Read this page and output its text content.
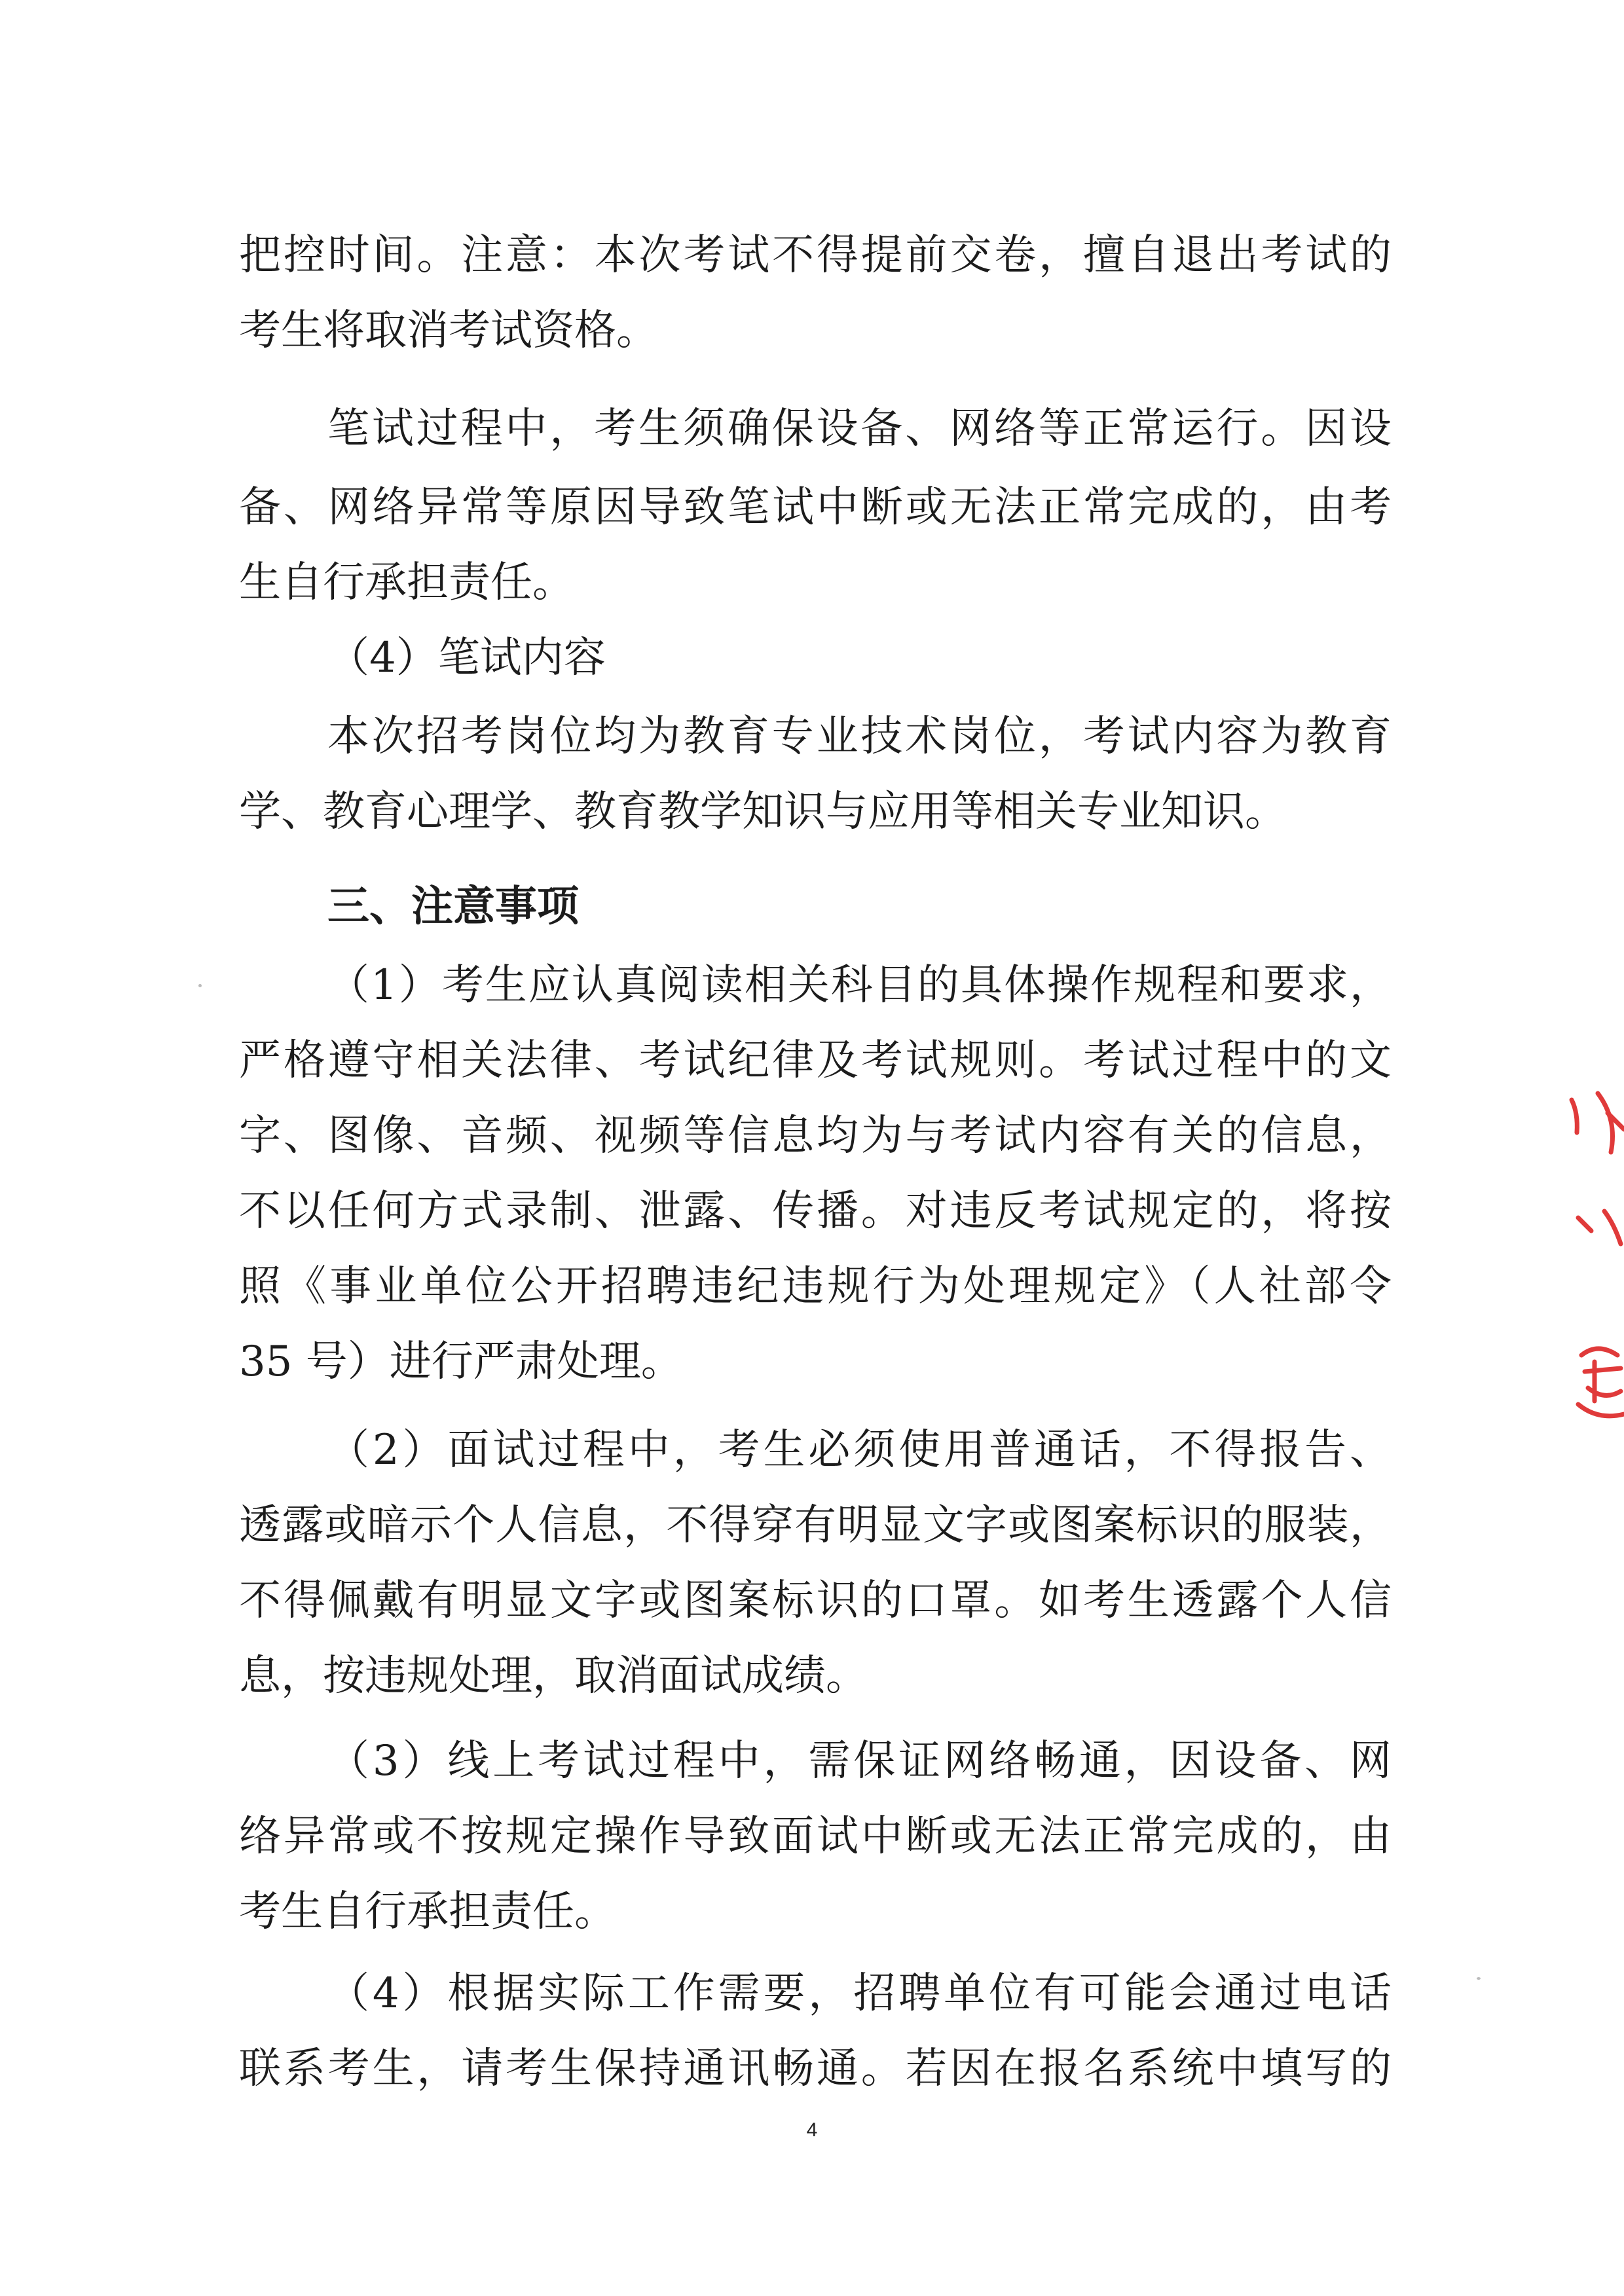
把控时间。注意：本次考试不得提前交卷，擅自退出考试的
考生将取消考试资格。
笔试过程中，考生须确保设备、网络等正常运行。因设
备、网络异常等原因导致笔试中断或无法正常完成的，由考
生自行承担责任。
（4）笔试内容
本次招考岗位均为教育专业技术岗位，考试内容为教育
学、教育心理学、教育教学知识与应用等相关专业知识。
三、注意事项
（1）考生应认真阅读相关科目的具体操作规程和要求，
严格遵守相关法律、考试纪律及考试规则。考试过程中的文
字、图像、音频、视频等信息均为与考试内容有关的信息，
不以任何方式录制、泄露、传播。对违反考试规定的，将按
照《事业单位公开招聘违纪违规行为处理规定》（人社部令
35 号）进行严肃处理。
（2）面试过程中，考生必须使用普通话，不得报告、
透露或暗示个人信息，不得穿有明显文字或图案标识的服装，
不得佩戴有明显文字或图案标识的口罩。如考生透露个人信
息，按违规处理，取消面试成绩。
（3）线上考试过程中，需保证网络畅通，因设备、网
络异常或不按规定操作导致面试中断或无法正常完成的，由
考生自行承担责任。
（4）根据实际工作需要，招聘单位有可能会通过电话
联系考生，请考生保持通讯畅通。若因在报名系统中填写的
4
